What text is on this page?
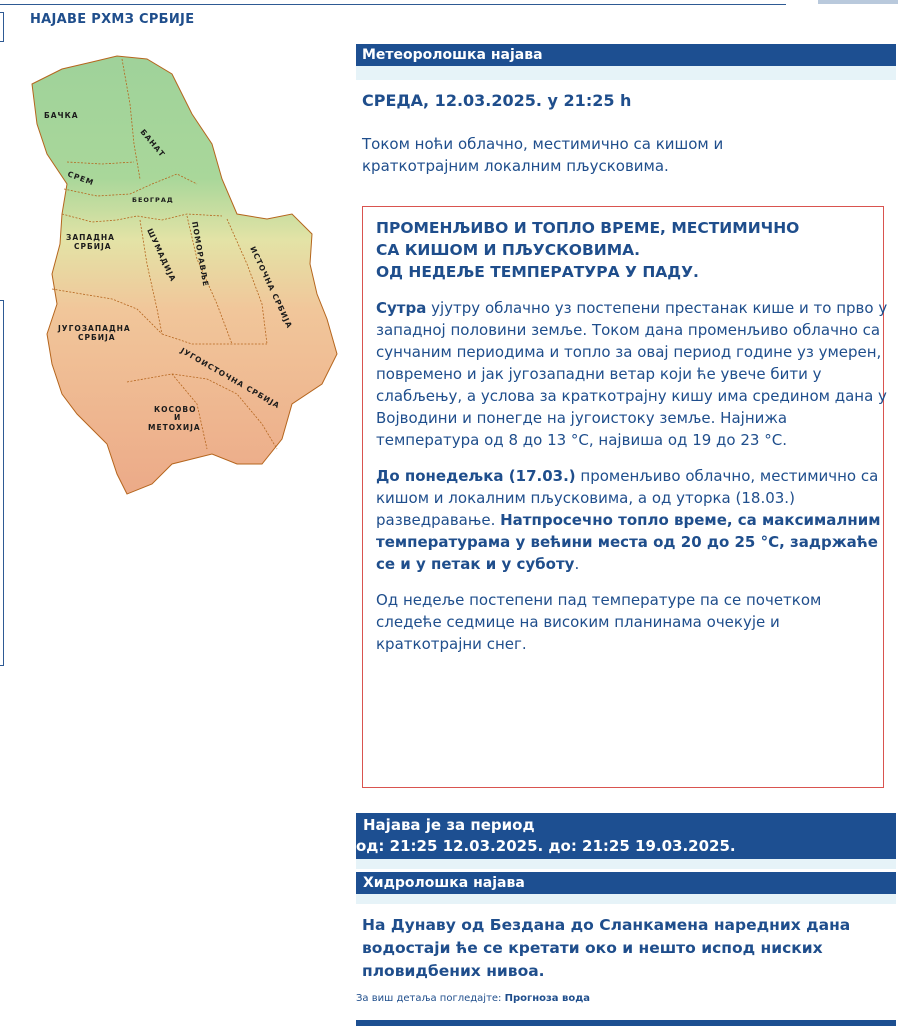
НАЈАВЕ РХМЗ СРБИЈЕ
БАЧКА
БАНАТ
СРЕМ
БЕОГРАД
ЗАПАДНА
СРБИЈА	ШУМАДИЈА ПОМОРАВЉЕ	ИСТОЧНА СРБИЈА
ЈУГОЗАПАДНА
СРБИЈА
ЈУГОИСТОЧНА СРБИЈА
КОСОВО
И
МЕТОХИЈА
Метеоролошка најава
СРЕДА, 12.03.2025. у 21:25 h
Током ноћи облачно, местимично са кишом и краткотрајним локалним пљусковима.
ПРОМЕНЉИВО И ТОПЛО ВРЕМЕ, МЕСТИМИЧНО
СА КИШОМ И ПЉУСКОВИМА.
ОД НЕДЕЉЕ ТЕМПЕРАТУРА У ПАДУ.
Сутра ујутру облачно уз постепени престанак кише и то прво у западној половини земље. Током дана променљиво облачно са сунчаним периодима и топло за овај период године уз умерен, повремено и јак југозападни ветар који ће увече бити у слабљењу, а услова за краткотрајну кишу има средином дана у Војводини и понегде на југоистоку земље. Најнижа температура од 8 до 13 °C, највиша од 19 до 23 °C.
До понедељка (17.03.) променљиво облачно, местимично са кишом и локалним пљусковима, а од уторка (18.03.) разведравање. Натпросечно топло време, са максималним температурама у већини места од 20 до 25 °C, задржаће се и у петак и у суботу.
Од недеље постепени пад температуре па се почетком следеће седмице на високим планинама очекује и краткотрајни снег.
Најава је за период
од: 21:25 12.03.2025. до: 21:25 19.03.2025.
Хидролошка најава
На Дунаву од Бездана до Сланкамена наредних дана водостаји ће се кретати око и нешто испод ниских пловидбених нивоа.
За виш детаља погледајте: Прогноза вода
